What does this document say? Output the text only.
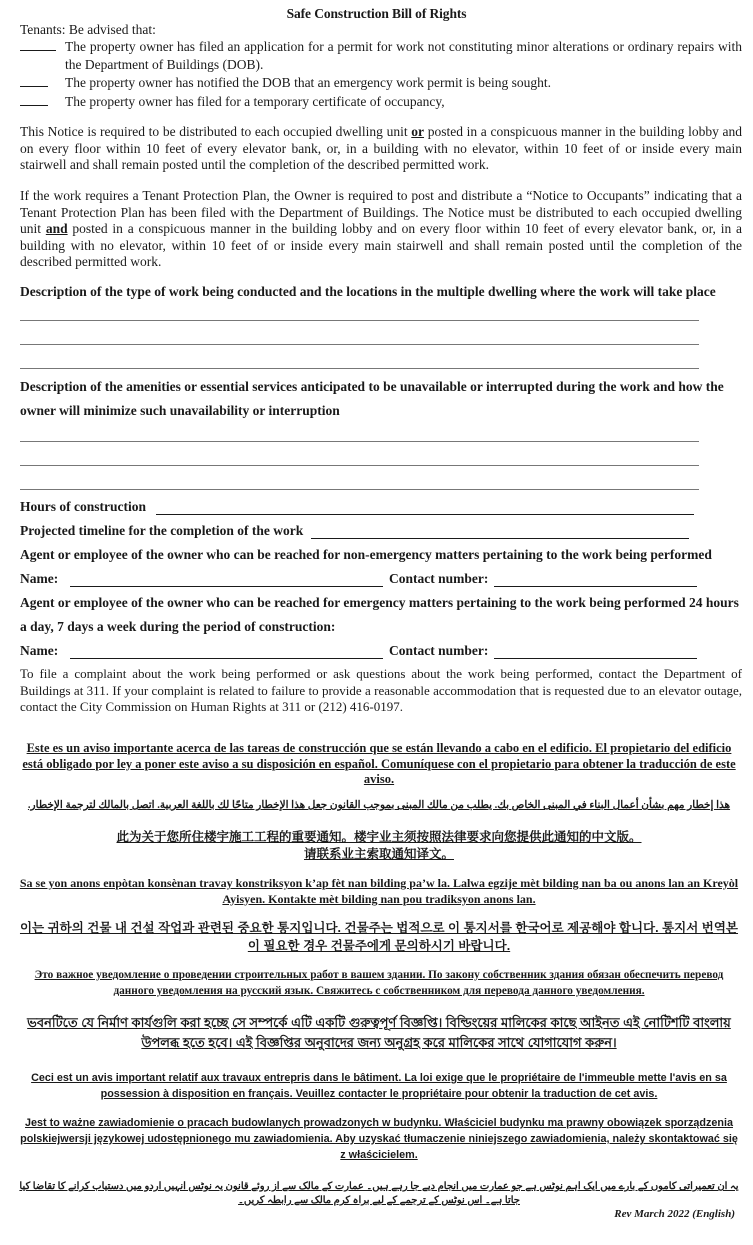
Safe Construction Bill of Rights
Tenants: Be advised that:
The property owner has filed an application for a permit for work not constituting minor alterations or ordinary repairs with the Department of Buildings (DOB).
The property owner has notified the DOB that an emergency work permit is being sought.
The property owner has filed for a temporary certificate of occupancy,
This Notice is required to be distributed to each occupied dwelling unit or posted in a conspicuous manner in the building lobby and on every floor within 10 feet of every elevator bank, or, in a building with no elevator, within 10 feet of or inside every main stairwell and shall remain posted until the completion of the described permitted work.
If the work requires a Tenant Protection Plan, the Owner is required to post and distribute a “Notice to Occupants” indicating that a Tenant Protection Plan has been filed with the Department of Buildings. The Notice must be distributed to each occupied dwelling unit and posted in a conspicuous manner in the building lobby and on every floor within 10 feet of every elevator bank, or, in a building with no elevator, within 10 feet of or inside every main stairwell and shall remain posted until the completion of the described permitted work.
Description of the type of work being conducted and the locations in the multiple dwelling where the work will take place
Description of the amenities or essential services anticipated to be unavailable or interrupted during the work and how the owner will minimize such unavailability or interruption
Hours of construction
Projected timeline for the completion of the work
Agent or employee of the owner who can be reached for non-emergency matters pertaining to the work being performed
Name:	Contact number:
Agent or employee of the owner who can be reached for emergency matters pertaining to the work being performed 24 hours a day, 7 days a week during the period of construction:
Name:	Contact number:
To file a complaint about the work being performed or ask questions about the work being performed, contact the Department of Buildings at 311. If your complaint is related to failure to provide a reasonable accommodation that is requested due to an elevator outage, contact the City Commission on Human Rights at 311 or (212) 416-0197.
Este es un aviso importante acerca de las tareas de construcción que se están llevando a cabo en el edificio. El propietario del edificio está obligado por ley a poner este aviso a su disposición en español. Comuníquese con el propietario para obtener la traducción de este aviso.
هذا إخطار مهم بشأن أعمال البناء في المبنى الخاص بك. يطلب من مالك المبنى بموجب القانون جعل هذا الإخطار متاحًا لك باللغة العربية. اتصل بالمالك لترجمة الإخطار.
此为关于您所住楼宇施工工程的重要通知。楼宇业主须按照法律要求向您提供此通知的中文版。
请联系业主索取通知译文。
Sa se yon anons enpòtan konsènan travay konstriksyon k’ap fèt nan bilding pa’w la. Lalwa egzije mèt bilding nan ba ou anons lan an Kreyòl Ayisyen. Kontakte mèt bilding nan pou tradiksyon anons lan.
이는 귀하의 건물 내 건설 작업과 관련된 중요한 통지입니다. 건물주는 법적으로 이 통지서를 한국어로 제공해야 합니다. 통지서 번역본이 필요한 경우 건물주에게 문의하시기 바랍니다.
Это важное уведомление о проведении строительных работ в вашем здании. По закону собственник здания обязан обеспечить перевод данного уведомления на русский язык. Свяжитесь с собственником для перевода данного уведомления.
ভবনটিতে যে নির্মাণ কার্যগুলি করা হচ্ছে সে সম্পর্কে এটি একটি গুরুত্বপূর্ণ বিজ্ঞপ্তি। বিল্ডিংয়ের মালিকের কাছে আইনত এই নোটিশটি বাংলায় উপলব্ধ হতে হবে। এই বিজ্ঞপ্তির অনুবাদের জন্য অনুগ্রহ করে মালিকের সাথে যোগাযোগ করুন।
Ceci est un avis important relatif aux travaux entrepris dans le bâtiment. La loi exige que le propriétaire de l'immeuble mette l'avis en sa possession à disposition en français. Veuillez contacter le propriétaire pour obtenir la traduction de cet avis.
Jest to ważne zawiadomienie o pracach budowlanych prowadzonych w budynku. Właściciel budynku ma prawny obowiązek sporządzenia polskiejwersji językowej udostępnionego mu zawiadomienia. Aby uzyskać tłumaczenie niniejszego zawiadomienia, należy skontaktować się z właścicielem.
یہ ان تعمیراتی کاموں کے بارے میں ایک اہم نوٹس ہے جو عمارت میں انجام دیے جا رہے ہیں۔ عمارت کے مالک سے از روئے قانون یہ نوٹس انہیں اردو میں دستیاب کرانے کا تقاضا کیا جاتا ہے۔ اس نوٹس کے ترجمے کے لیے براہ کرم مالک سے رابطہ کریں۔
Rev March 2022 (English)
